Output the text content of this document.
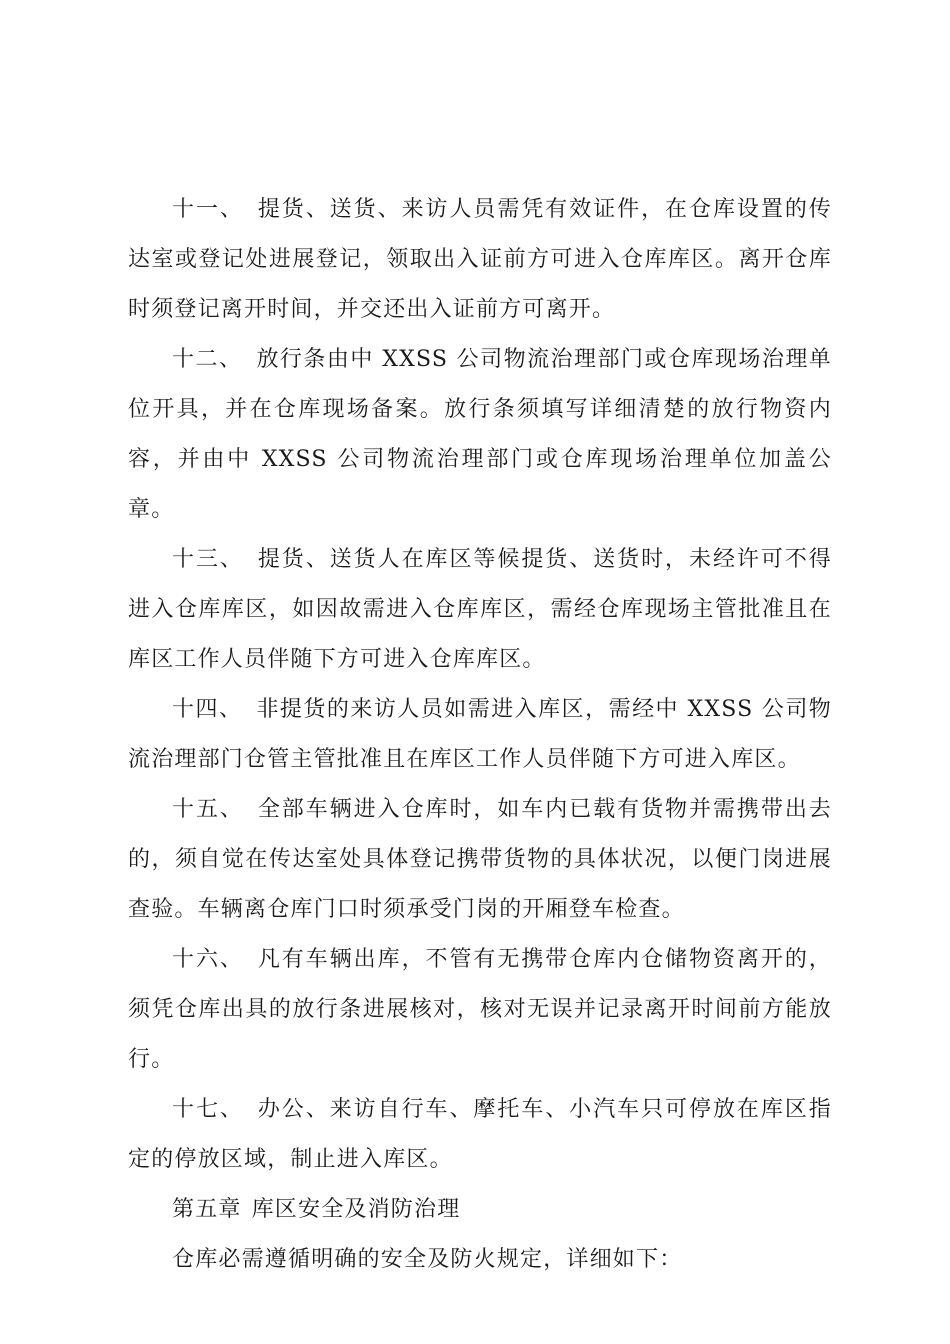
十一、 提货、送货、来访人员需凭有效证件，在仓库设置的传达室或登记处进展登记，领取出入证前方可进入仓库库区。离开仓库时须登记离开时间，并交还出入证前方可离开。

十二、 放行条由中 XXSS 公司物流治理部门或仓库现场治理单位开具，并在仓库现场备案。放行条须填写详细清楚的放行物资内容，并由中 XXSS 公司物流治理部门或仓库现场治理单位加盖公章。

十三、 提货、送货人在库区等候提货、送货时，未经许可不得进入仓库库区，如因故需进入仓库库区，需经仓库现场主管批准且在库区工作人员伴随下方可进入仓库库区。

十四、 非提货的来访人员如需进入库区，需经中 XXSS 公司物流治理部门仓管主管批准且在库区工作人员伴随下方可进入库区。

十五、 全部车辆进入仓库时，如车内已载有货物并需携带出去的，须自觉在传达室处具体登记携带货物的具体状况，以便门岗进展查验。车辆离仓库门口时须承受门岗的开厢登车检查。

十六、 凡有车辆出库，不管有无携带仓库内仓储物资离开的，须凭仓库出具的放行条进展核对，核对无误并记录离开时间前方能放行。

十七、 办公、来访自行车、摩托车、小汽车只可停放在库区指定的停放区域，制止进入库区。

第五章 库区安全及消防治理

仓库必需遵循明确的安全及防火规定，详细如下：
